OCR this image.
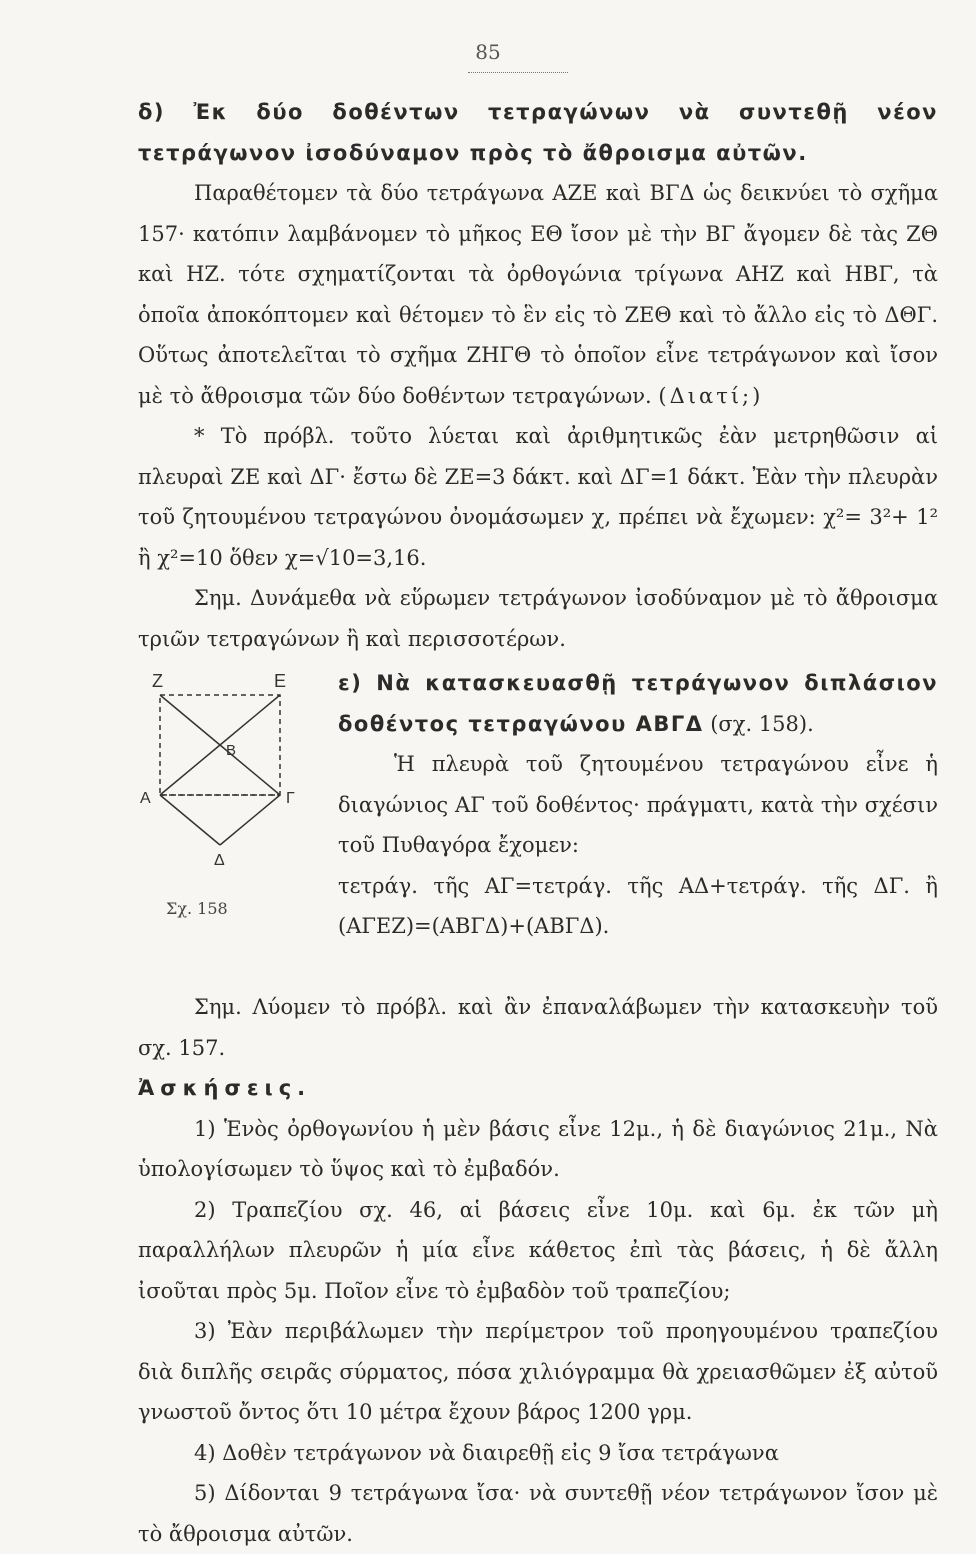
85

δ) Ἐκ δύο δοθέντων τετραγώνων νὰ συντεθῇ νέον τετράγωνον ἰσοδύναμον πρὸς τὸ ἄθροισμα αὐτῶν.

Παραθέτομεν τὰ δύο τετράγωνα ΑΖΕ καὶ ΒΓΔ ὡς δεικνύει τὸ σχῆμα 157· κατόπιν λαμβάνομεν τὸ μῆκος ΕΘ ἴσον μὲ τὴν ΒΓ ἄγομεν δὲ τὰς ΖΘ καὶ ΗΖ. τότε σχηματίζονται τὰ ὀρθογώνια τρίγωνα ΑΗΖ καὶ ΗΒΓ, τὰ ὁποῖα ἀποκόπτομεν καὶ θέτομεν τὸ ἓν εἰς τὸ ΖΕΘ καὶ τὸ ἄλλο εἰς τὸ ΔΘΓ. Οὕτως ἀποτελεῖται τὸ σχῆμα ΖΗΓΘ τὸ ὁποῖον εἶνε τετράγωνον καὶ ἴσον μὲ τὸ ἄθροισμα τῶν δύο δοθέντων τετραγώνων. (Διατί;)

* Τὸ πρόβλ. τοῦτο λύεται καὶ ἀριθμητικῶς ἐὰν μετρηθῶσιν αἱ πλευραὶ ΖΕ καὶ ΔΓ· ἔστω δὲ ΖΕ=3 δάκτ. καὶ ΔΓ=1 δάκτ. Ἐὰν τὴν πλευρὰν τοῦ ζητουμένου τετραγώνου ὀνομάσωμεν χ, πρέπει νὰ ἔχωμεν: χ²= 3²+ 1² ἢ χ²=10 ὅθεν χ=√10=3,16.

Σημ. Δυνάμεθα νὰ εὕρωμεν τετράγωνον ἰσοδύναμον μὲ τὸ ἄθροισμα τριῶν τετραγώνων ἢ καὶ περισσοτέρων.

Ζ	Ε
Β
Α	Γ
Δ
Σχ. 158

ε) Νὰ κατασκευασθῇ τετράγωνον διπλάσιον δοθέντος τετραγώνου ΑΒΓΔ (σχ. 158).

Ἡ πλευρὰ τοῦ ζητουμένου τετραγώνου εἶνε ἡ διαγώνιος ΑΓ τοῦ δοθέντος· πράγματι, κατὰ τὴν σχέσιν τοῦ Πυθαγόρα ἔχομεν:

τετράγ. τῆς ΑΓ=τετράγ. τῆς ΑΔ+τετράγ. τῆς ΔΓ. ἢ (ΑΓΕΖ)=(ΑΒΓΔ)+(ΑΒΓΔ).

Σημ. Λύομεν τὸ πρόβλ. καὶ ἂν ἐπαναλάβωμεν τὴν κατασκευὴν τοῦ σχ. 157.

Ἀσκήσεις.

1) Ἑνὸς ὀρθογωνίου ἡ μὲν βάσις εἶνε 12μ., ἡ δὲ διαγώνιος 21μ., Νὰ ὑπολογίσωμεν τὸ ὕψος καὶ τὸ ἐμβαδόν.

2) Τραπεζίου σχ. 46, αἱ βάσεις εἶνε 10μ. καὶ 6μ. ἐκ τῶν μὴ παραλλήλων πλευρῶν ἡ μία εἶνε κάθετος ἐπὶ τὰς βάσεις, ἡ δὲ ἄλλη ἰσοῦται πρὸς 5μ. Ποῖον εἶνε τὸ ἐμβαδὸν τοῦ τραπεζίου;

3) Ἐὰν περιβάλωμεν τὴν περίμετρον τοῦ προηγουμένου τραπεζίου διὰ διπλῆς σειρᾶς σύρματος, πόσα χιλιόγραμμα θὰ χρειασθῶμεν ἐξ αὐτοῦ γνωστοῦ ὄντος ὅτι 10 μέτρα ἔχουν βάρος 1200 γρμ.

4) Δοθὲν τετράγωνον νὰ διαιρεθῇ εἰς 9 ἴσα τετράγωνα

5) Δίδονται 9 τετράγωνα ἴσα· νὰ συντεθῇ νέον τετράγωνον ἴσον μὲ τὸ ἄθροισμα αὐτῶν.
